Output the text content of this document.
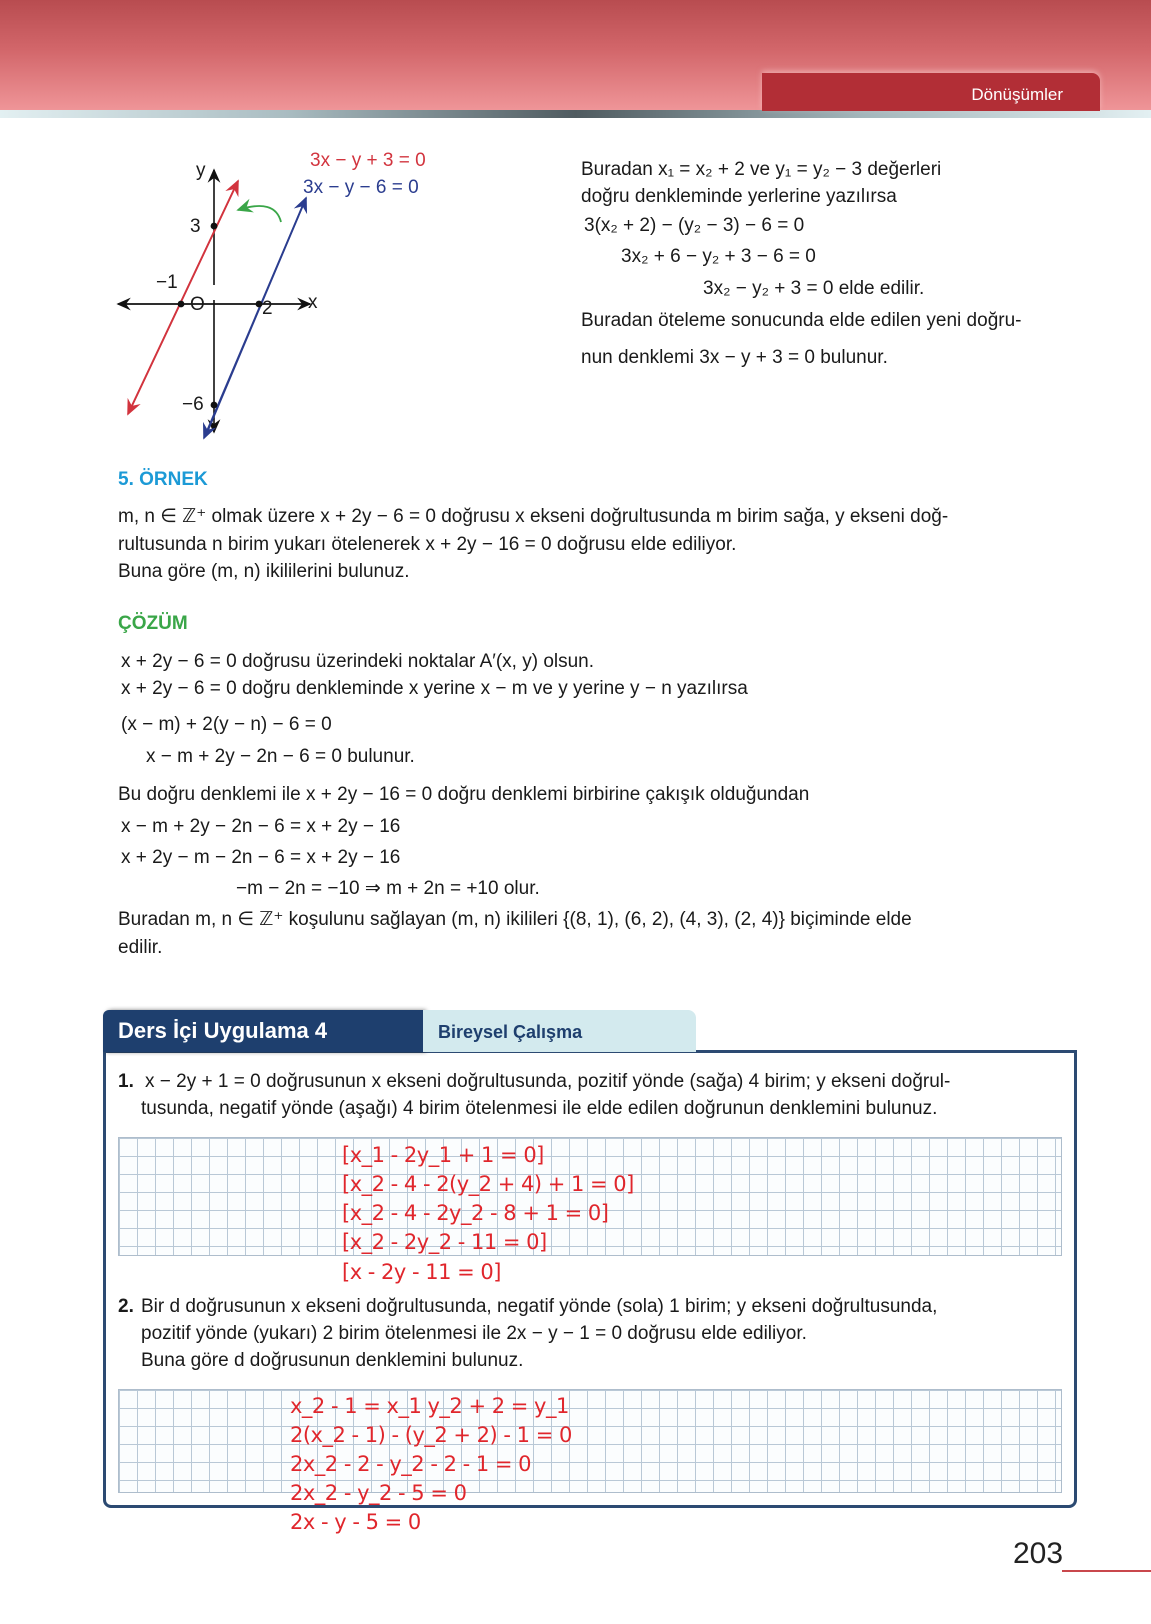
Dönüşümler
3x − y + 3 = 0
3x − y − 6 = 0
y
x
O
3
−1
2
−6
Buradan x₁ = x₂ + 2 ve y₁ = y₂ − 3 değerleri
doğru denkleminde yerlerine yazılırsa
3(x₂ + 2) − (y₂ − 3) − 6 = 0
3x₂ + 6 − y₂ + 3 − 6 = 0
3x₂ − y₂ + 3 = 0 elde edilir.
Buradan öteleme sonucunda elde edilen yeni doğru-
nun denklemi 3x − y + 3 = 0 bulunur.
5. ÖRNEK
m, n ∈ ℤ⁺ olmak üzere x + 2y − 6 = 0 doğrusu x ekseni doğrultusunda m birim sağa, y ekseni doğ-
rultusunda n birim yukarı ötelenerek x + 2y − 16 = 0 doğrusu elde ediliyor.
Buna göre (m, n) ikililerini bulunuz.
ÇÖZÜM
x + 2y − 6 = 0 doğrusu üzerindeki noktalar A′(x, y) olsun.
x + 2y − 6 = 0 doğru denkleminde x yerine x − m ve y yerine y − n yazılırsa
(x − m) + 2(y − n) − 6 = 0
x − m + 2y − 2n − 6 = 0 bulunur.
Bu doğru denklemi ile x + 2y − 16 = 0 doğru denklemi birbirine çakışık olduğundan
x − m + 2y − 2n − 6 = x + 2y − 16
x + 2y − m − 2n − 6 = x + 2y − 16
−m − 2n = −10 ⇒ m + 2n = +10 olur.
Buradan m, n ∈ ℤ⁺ koşulunu sağlayan (m, n) ikilileri {(8, 1), (6, 2), (4, 3), (2, 4)} biçiminde elde
edilir.
Ders İçi Uygulama 4	Bireysel Çalışma
1. x − 2y + 1 = 0 doğrusunun x ekseni doğrultusunda, pozitif yönde (sağa) 4 birim; y ekseni doğrul-
tusunda, negatif yönde (aşağı) 4 birim ötelenmesi ile elde edilen doğrunun denklemini bulunuz.
[x_1 - 2y_1 + 1 = 0]
[x_2 - 4 - 2(y_2 + 4) + 1 = 0]
[x_2 - 4 - 2y_2 - 8 + 1 = 0]
[x_2 - 2y_2 - 11 = 0]
[x - 2y - 11 = 0]
2. Bir d doğrusunun x ekseni doğrultusunda, negatif yönde (sola) 1 birim; y ekseni doğrultusunda,
pozitif yönde (yukarı) 2 birim ötelenmesi ile 2x − y − 1 = 0 doğrusu elde ediliyor.
Buna göre d doğrusunun denklemini bulunuz.
x_2 - 1 = x_1 y_2 + 2 = y_1
2(x_2 - 1) - (y_2 + 2) - 1 = 0
2x_2 - 2 - y_2 - 2 - 1 = 0
2x_2 - y_2 - 5 = 0
2x - y - 5 = 0
203
